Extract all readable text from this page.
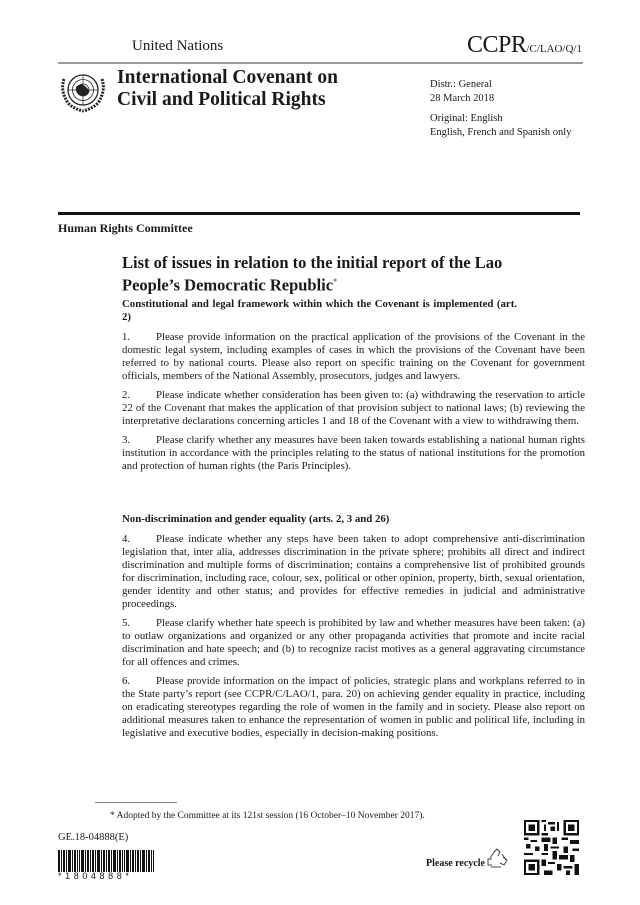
United Nations	CCPR/C/LAO/Q/1
International Covenant on
Civil and Political Rights
Distr.: General
28 March 2018
Original: English
English, French and Spanish only
Human Rights Committee
List of issues in relation to the initial report of the Lao People’s Democratic Republic*
Constitutional and legal framework within which the Covenant is implemented (art. 2)

1. Please provide information on the practical application of the provisions of the Covenant in the domestic legal system, including examples of cases in which the provisions of the Covenant have been referred to by national courts. Please also report on specific training on the Covenant for government officials, members of the National Assembly, prosecutors, judges and lawyers.

2. Please indicate whether consideration has been given to: (a) withdrawing the reservation to article 22 of the Covenant that makes the application of that provision subject to national laws; (b) reviewing the interpretative declarations concerning articles 1 and 18 of the Covenant with a view to withdrawing them.

3. Please clarify whether any measures have been taken towards establishing a national human rights institution in accordance with the principles relating to the status of national institutions for the promotion and protection of human rights (the Paris Principles).

Non-discrimination and gender equality (arts. 2, 3 and 26)

4. Please indicate whether any steps have been taken to adopt comprehensive anti-discrimination legislation that, inter alia, addresses discrimination in the private sphere; prohibits all direct and indirect discrimination and multiple forms of discrimination; contains a comprehensive list of prohibited grounds for discrimination, including race, colour, sex, political or other opinion, property, birth, sexual orientation, gender identity and other status; and provides for effective remedies in judicial and administrative proceedings.

5. Please clarify whether hate speech is prohibited by law and whether measures have been taken: (a) to outlaw organizations and organized or any other propaganda activities that promote and incite racial discrimination and hate speech; and (b) to recognize racist motives as a general aggravating circumstance for all offences and crimes.

6. Please provide information on the impact of policies, strategic plans and workplans referred to in the State party’s report (see CCPR/C/LAO/1, para. 20) on achieving gender equality in practice, including on eradicating stereotypes regarding the role of women in the family and in society. Please also report on additional measures taken to enhance the representation of women in public and political life, including in legislative and executive bodies, especially in decision-making positions.

* Adopted by the Committee at its 121st session (16 October–10 November 2017).
GE.18-04888(E)
*1804888*
Please recycle
